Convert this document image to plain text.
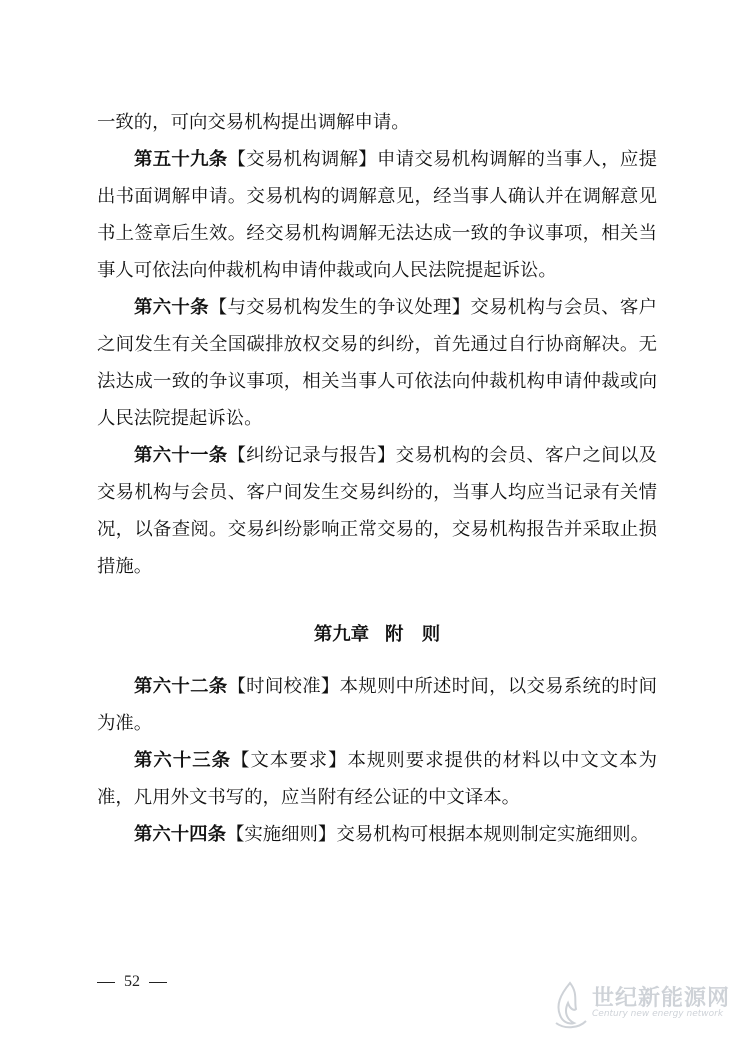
一致的，可向交易机构提出调解申请。

第五十九条【交易机构调解】申请交易机构调解的当事人，应提出书面调解申请。交易机构的调解意见，经当事人确认并在调解意见书上签章后生效。经交易机构调解无法达成一致的争议事项，相关当事人可依法向仲裁机构申请仲裁或向人民法院提起诉讼。

第六十条【与交易机构发生的争议处理】交易机构与会员、客户之间发生有关全国碳排放权交易的纠纷，首先通过自行协商解决。无法达成一致的争议事项，相关当事人可依法向仲裁机构申请仲裁或向人民法院提起诉讼。

第六十一条【纠纷记录与报告】交易机构的会员、客户之间以及交易机构与会员、客户间发生交易纠纷的，当事人均应当记录有关情况，以备查阅。交易纠纷影响正常交易的，交易机构报告并采取止损措施。

第九章 附　则

第六十二条【时间校准】本规则中所述时间，以交易系统的时间为准。

第六十三条【文本要求】本规则要求提供的材料以中文文本为准，凡用外文书写的，应当附有经公证的中文译本。

第六十四条【实施细则】交易机构可根据本规则制定实施细则。

52
世纪新能源网
Century new energy network
